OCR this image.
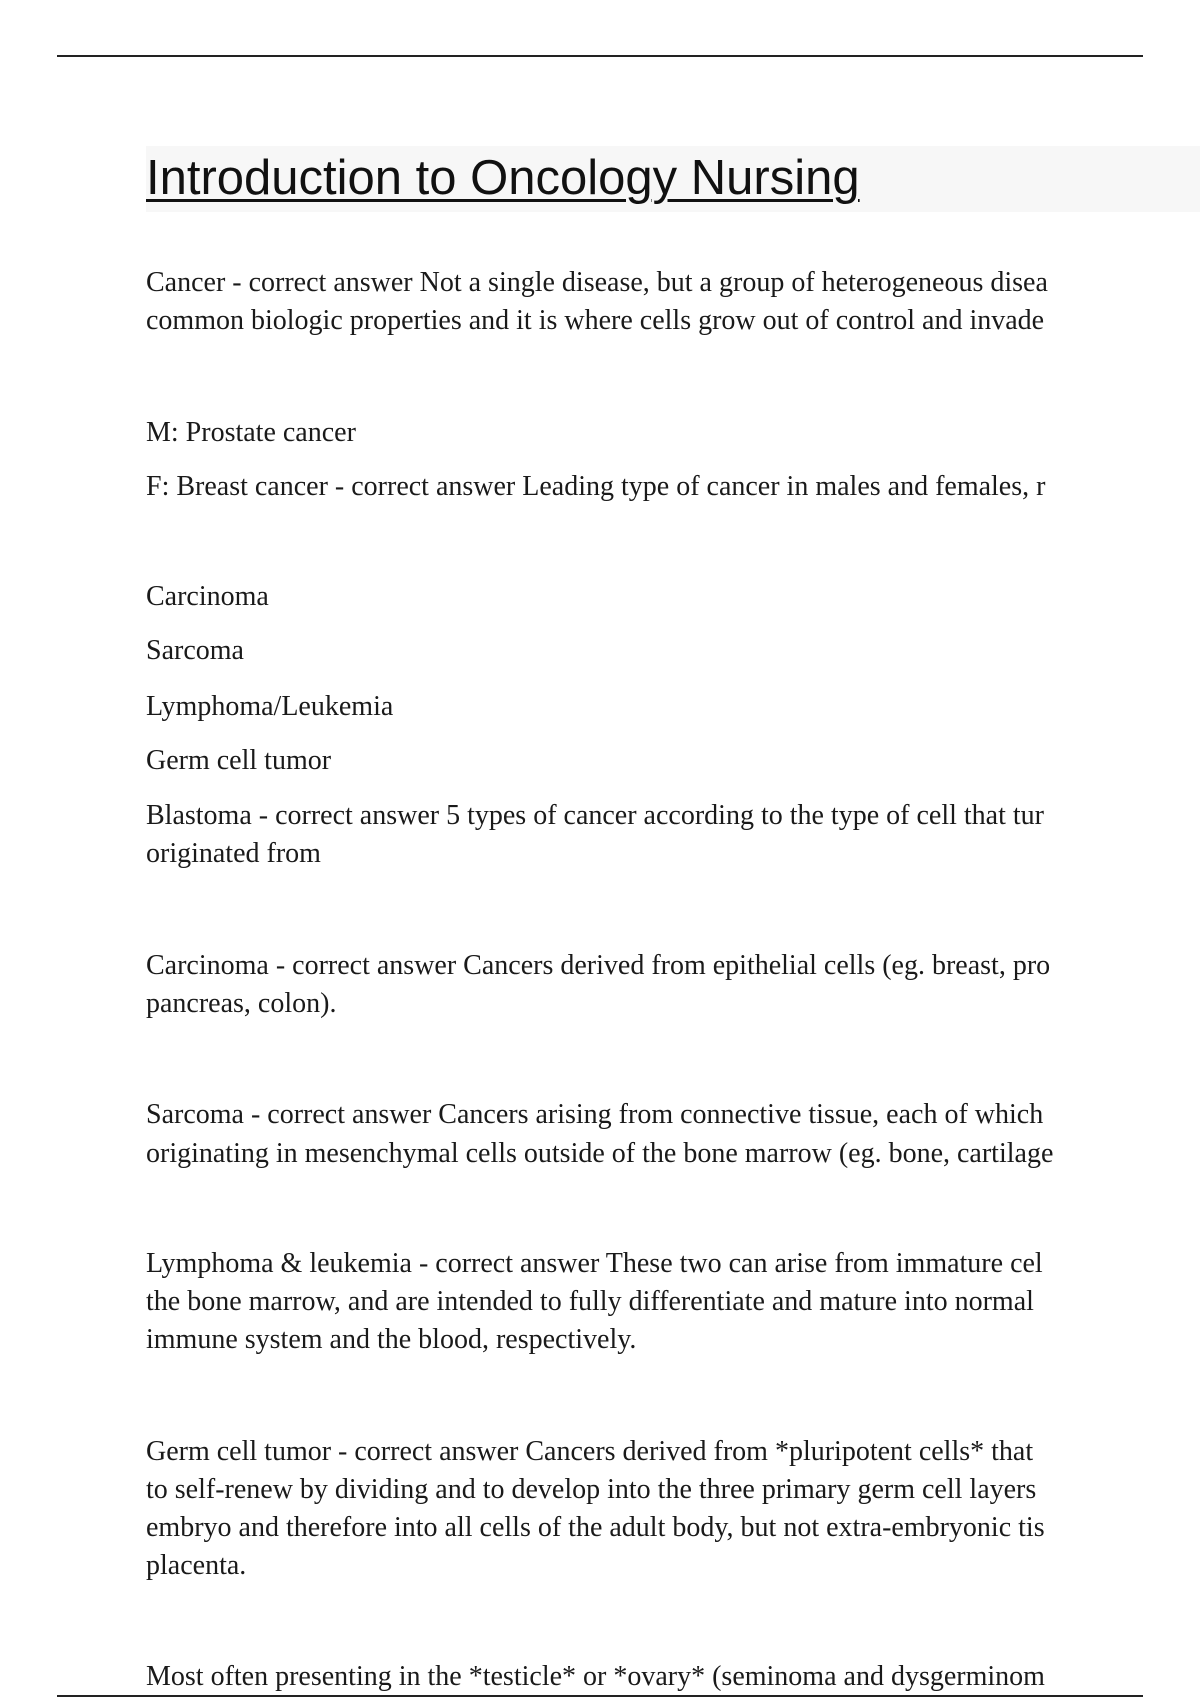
Introduction to Oncology Nursing

Cancer - correct answer Not a single disease, but a group of heterogeneous disea

common biologic properties and it is where cells grow out of control and invade

M: Prostate cancer

F: Breast cancer - correct answer Leading type of cancer in males and females, r

Carcinoma

Sarcoma

Lymphoma/Leukemia

Germ cell tumor

Blastoma - correct answer 5 types of cancer according to the type of cell that tur

originated from

Carcinoma - correct answer Cancers derived from epithelial cells (eg. breast, pro

pancreas, colon).

Sarcoma - correct answer Cancers arising from connective tissue, each of which

originating in mesenchymal cells outside of the bone marrow (eg. bone, cartilage

Lymphoma & leukemia - correct answer These two can arise from immature cel

the bone marrow, and are intended to fully differentiate and mature into normal

immune system and the blood, respectively.

Germ cell tumor - correct answer Cancers derived from *pluripotent cells* that

to self-renew by dividing and to develop into the three primary germ cell layers

embryo and therefore into all cells of the adult body, but not extra-embryonic tis

placenta.

Most often presenting in the *testicle* or *ovary* (seminoma and dysgerminom
